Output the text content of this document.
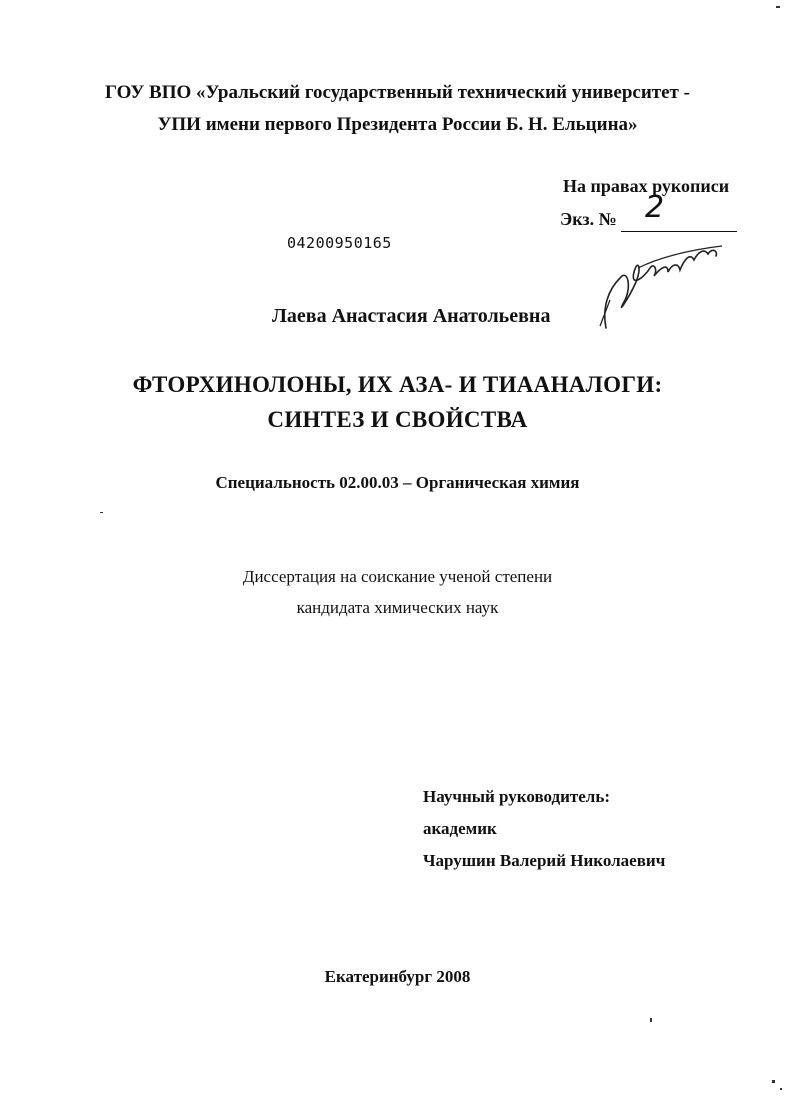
ГОУ ВПО «Уральский государственный технический университет -
УПИ имени первого Президента России Б. Н. Ельцина»
На правах рукописи
Экз. № 2
04200950165
Лаева Анастасия Анатольевна
ФТОРХИНОЛОНЫ, ИХ АЗА- И ТИААНАЛОГИ:
СИНТЕЗ И СВОЙСТВА
Специальность 02.00.03 – Органическая химия
Диссертация на соискание ученой степени
кандидата химических наук
Научный руководитель:
академик
Чарушин Валерий Николаевич
Екатеринбург 2008
